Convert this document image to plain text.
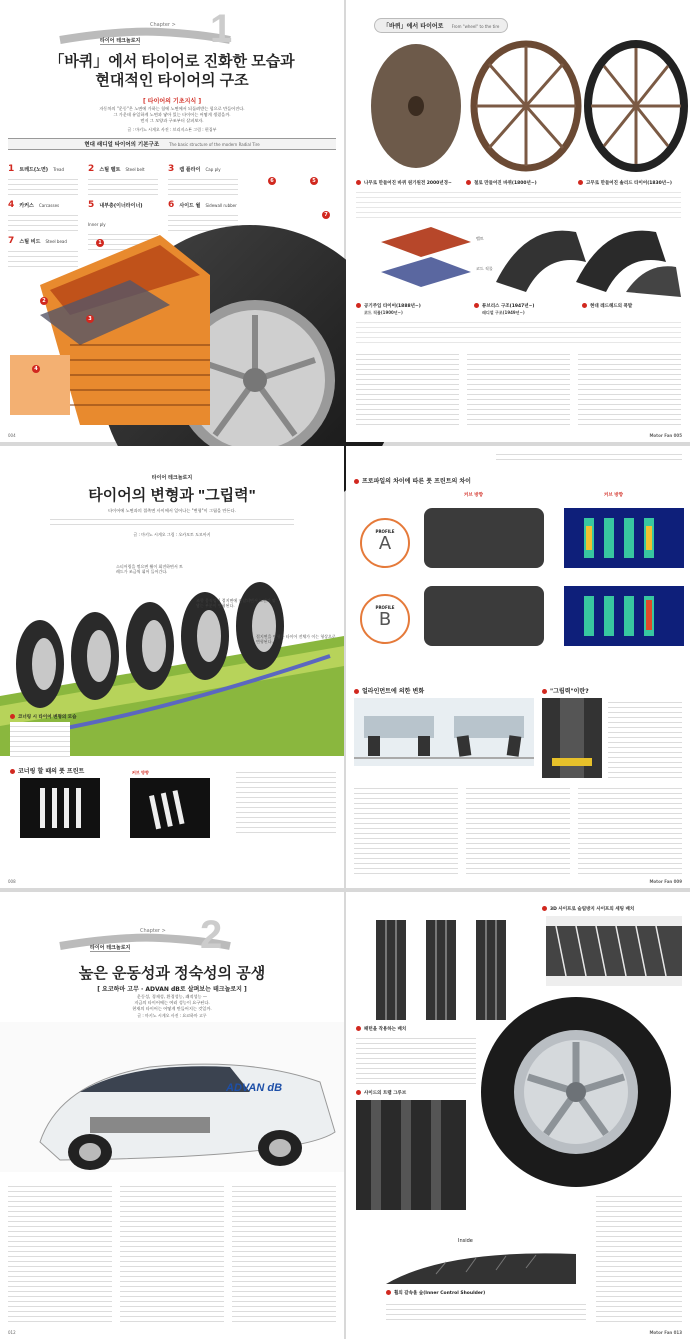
1
Chapter >
타이어 테크놀로지
「바퀴」에서 타이어로 진화한 모습과
현대적인 타이어의 구조
[ 타이어의 기초지식 ]
자동차의 "운동"은 노면에 가하는 힘에 노면에서 되돌려받는 힘으로 만들어진다.
그 가운데 유일하게 노면과 닿아 있는 타이어는 어떻게 생겼을까.
먼저 그 모양과 구조부터 살펴보자.
글 : 마키노 시게오 사진 : 브리지스톤 그림 : 편집부
현대 래디얼 타이어의 기본구조 The basic structure of the modern Radial Tire
1 트레드(노면) Tread	2 스틸 벨트 Steel belt	3 캡 플라이 Cap ply
4 카커스 Carcasses	5 내부층(이너라이너) Inner ply
6 사이드 월 Sidewall rubber
7 스틸 비드 Steel bead	1
2
3
4
5
6
7
004
「바퀴」에서 타이어로 From "wheel" to the tire
나무로 만들어진 바퀴 원기원전 2000년경~	철로 만들어진 바퀴(1800년~)	고무로 만들어진 솔리드 타이어(1830년~)
벨트
코드 직물
공기주입 타이어(1888년~)
코드 직물(1900년~)
튜브리스 구조(1947년~)
래디얼 구조(1949년~)
현대 레드헤드의 폭발
Motor Fan 005
타이어 테크놀로지
타이어의 변형과 "그립력"
타이어에 노면과의 접촉면 사이에서 일어나는 "변형"이 그립을 만든다.
글 : 마키노 시게오 그림 : 오카모토 도모아키
스티어링을 꺾으면 휠이 회전하면서 트레드가 조금씩 휘어 들어간다.
조향 움직임이 접지면에 전달되면서 노면과 맞닿는 부분이 변형된다.
접지면을 변형한 타이어 전체가 이는 형상으로 변형된다.
코너링 시 타이어 변형의 모습
코너링 할 때의 풋 프린트	커브 방향
008
프로파일의 차이에 따른 풋 프린트의 차이
PROFILE
A
커브 방향	커브 방향
PROFILE
B
얼라인먼트에 의한 변화	"그립력"이란?
Motor Fan 009
2
Chapter >
타이어 테크놀로지
높은 운동성과 정숙성의 공생
[ 요코하마 고무 · ADVAN dB로 살펴보는 테크놀로지 ]
운동성, 경제성, 환경성능, 쾌적성능 —
지금의 타이어에는 여러 성능이 요구된다.
현재의 타이어는 어떻게 만들어지는 것일까.
글 : 마키노 시게오 사진 : 요코하마 고무
ADVAN dB
012
3D 사이프로 슬립방지 사이프의 세팅 배치
패턴을 작용하는 배치
사이드의 트랩 그루브
Inside
휠의 갈속울 숲(Inner Control Shoulder)
Motor Fan 013
